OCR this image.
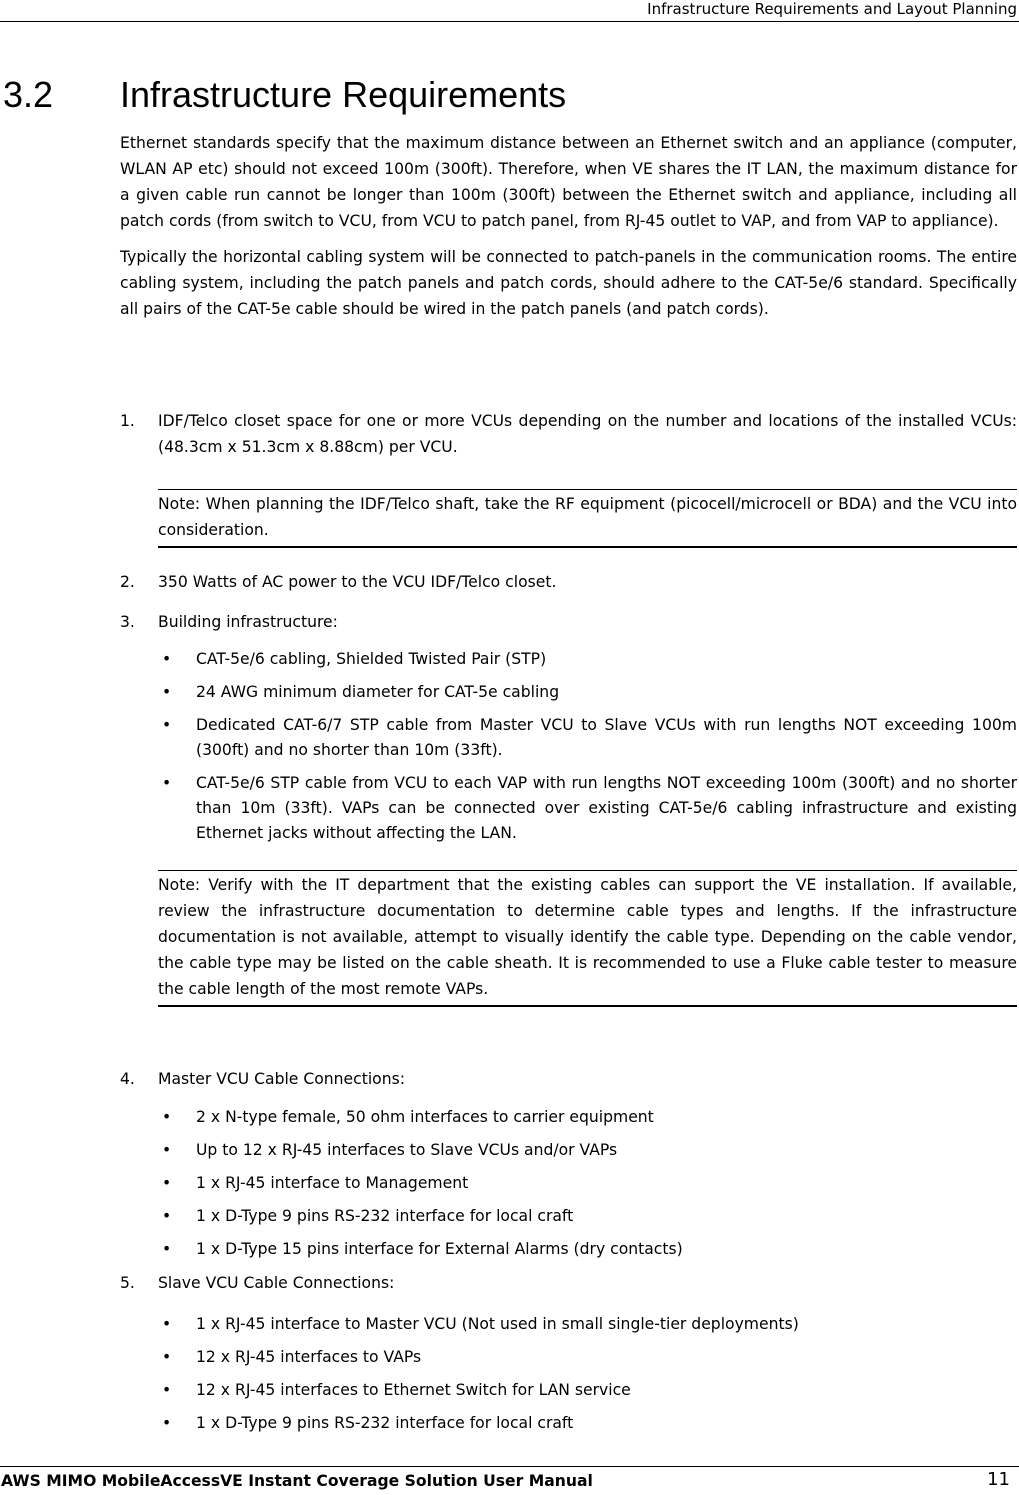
Infrastructure Requirements and Layout Planning
3.2 Infrastructure Requirements

Ethernet standards specify that the maximum distance between an Ethernet switch and an appliance (computer, WLAN AP etc) should not exceed 100m (300ft). Therefore, when VE shares the IT LAN, the maximum distance for a given cable run cannot be longer than 100m (300ft) between the Ethernet switch and appliance, including all patch cords (from switch to VCU, from VCU to patch panel, from RJ-45 outlet to VAP, and from VAP to appliance).

Typically the horizontal cabling system will be connected to patch-panels in the communication rooms. The entire cabling system, including the patch panels and patch cords, should adhere to the CAT-5e/6 standard. Specifically all pairs of the CAT-5e cable should be wired in the patch panels (and patch cords).

1. IDF/Telco closet space for one or more VCUs depending on the number and locations of the installed VCUs: (48.3cm x 51.3cm x 8.88cm) per VCU.
Note: When planning the IDF/Telco shaft, take the RF equipment (picocell/microcell or BDA) and the VCU into consideration.
2. 350 Watts of AC power to the VCU IDF/Telco closet.
3. Building infrastructure:
• CAT-5e/6 cabling, Shielded Twisted Pair (STP)
• 24 AWG minimum diameter for CAT-5e cabling
• Dedicated CAT-6/7 STP cable from Master VCU to Slave VCUs with run lengths NOT exceeding 100m (300ft) and no shorter than 10m (33ft).
• CAT-5e/6 STP cable from VCU to each VAP with run lengths NOT exceeding 100m (300ft) and no shorter than 10m (33ft). VAPs can be connected over existing CAT-5e/6 cabling infrastructure and existing Ethernet jacks without affecting the LAN.
Note: Verify with the IT department that the existing cables can support the VE installation. If available, review the infrastructure documentation to determine cable types and lengths. If the infrastructure documentation is not available, attempt to visually identify the cable type. Depending on the cable vendor, the cable type may be listed on the cable sheath. It is recommended to use a Fluke cable tester to measure the cable length of the most remote VAPs.
4. Master VCU Cable Connections:
• 2 x N-type female, 50 ohm interfaces to carrier equipment
• Up to 12 x RJ-45 interfaces to Slave VCUs and/or VAPs
• 1 x RJ-45 interface to Management
• 1 x D-Type 9 pins RS-232 interface for local craft
• 1 x D-Type 15 pins interface for External Alarms (dry contacts)
5. Slave VCU Cable Connections:
• 1 x RJ-45 interface to Master VCU (Not used in small single-tier deployments)
• 12 x RJ-45 interfaces to VAPs
• 12 x RJ-45 interfaces to Ethernet Switch for LAN service
• 1 x D-Type 9 pins RS-232 interface for local craft
AWS MIMO MobileAccessVE Instant Coverage Solution User Manual	11
